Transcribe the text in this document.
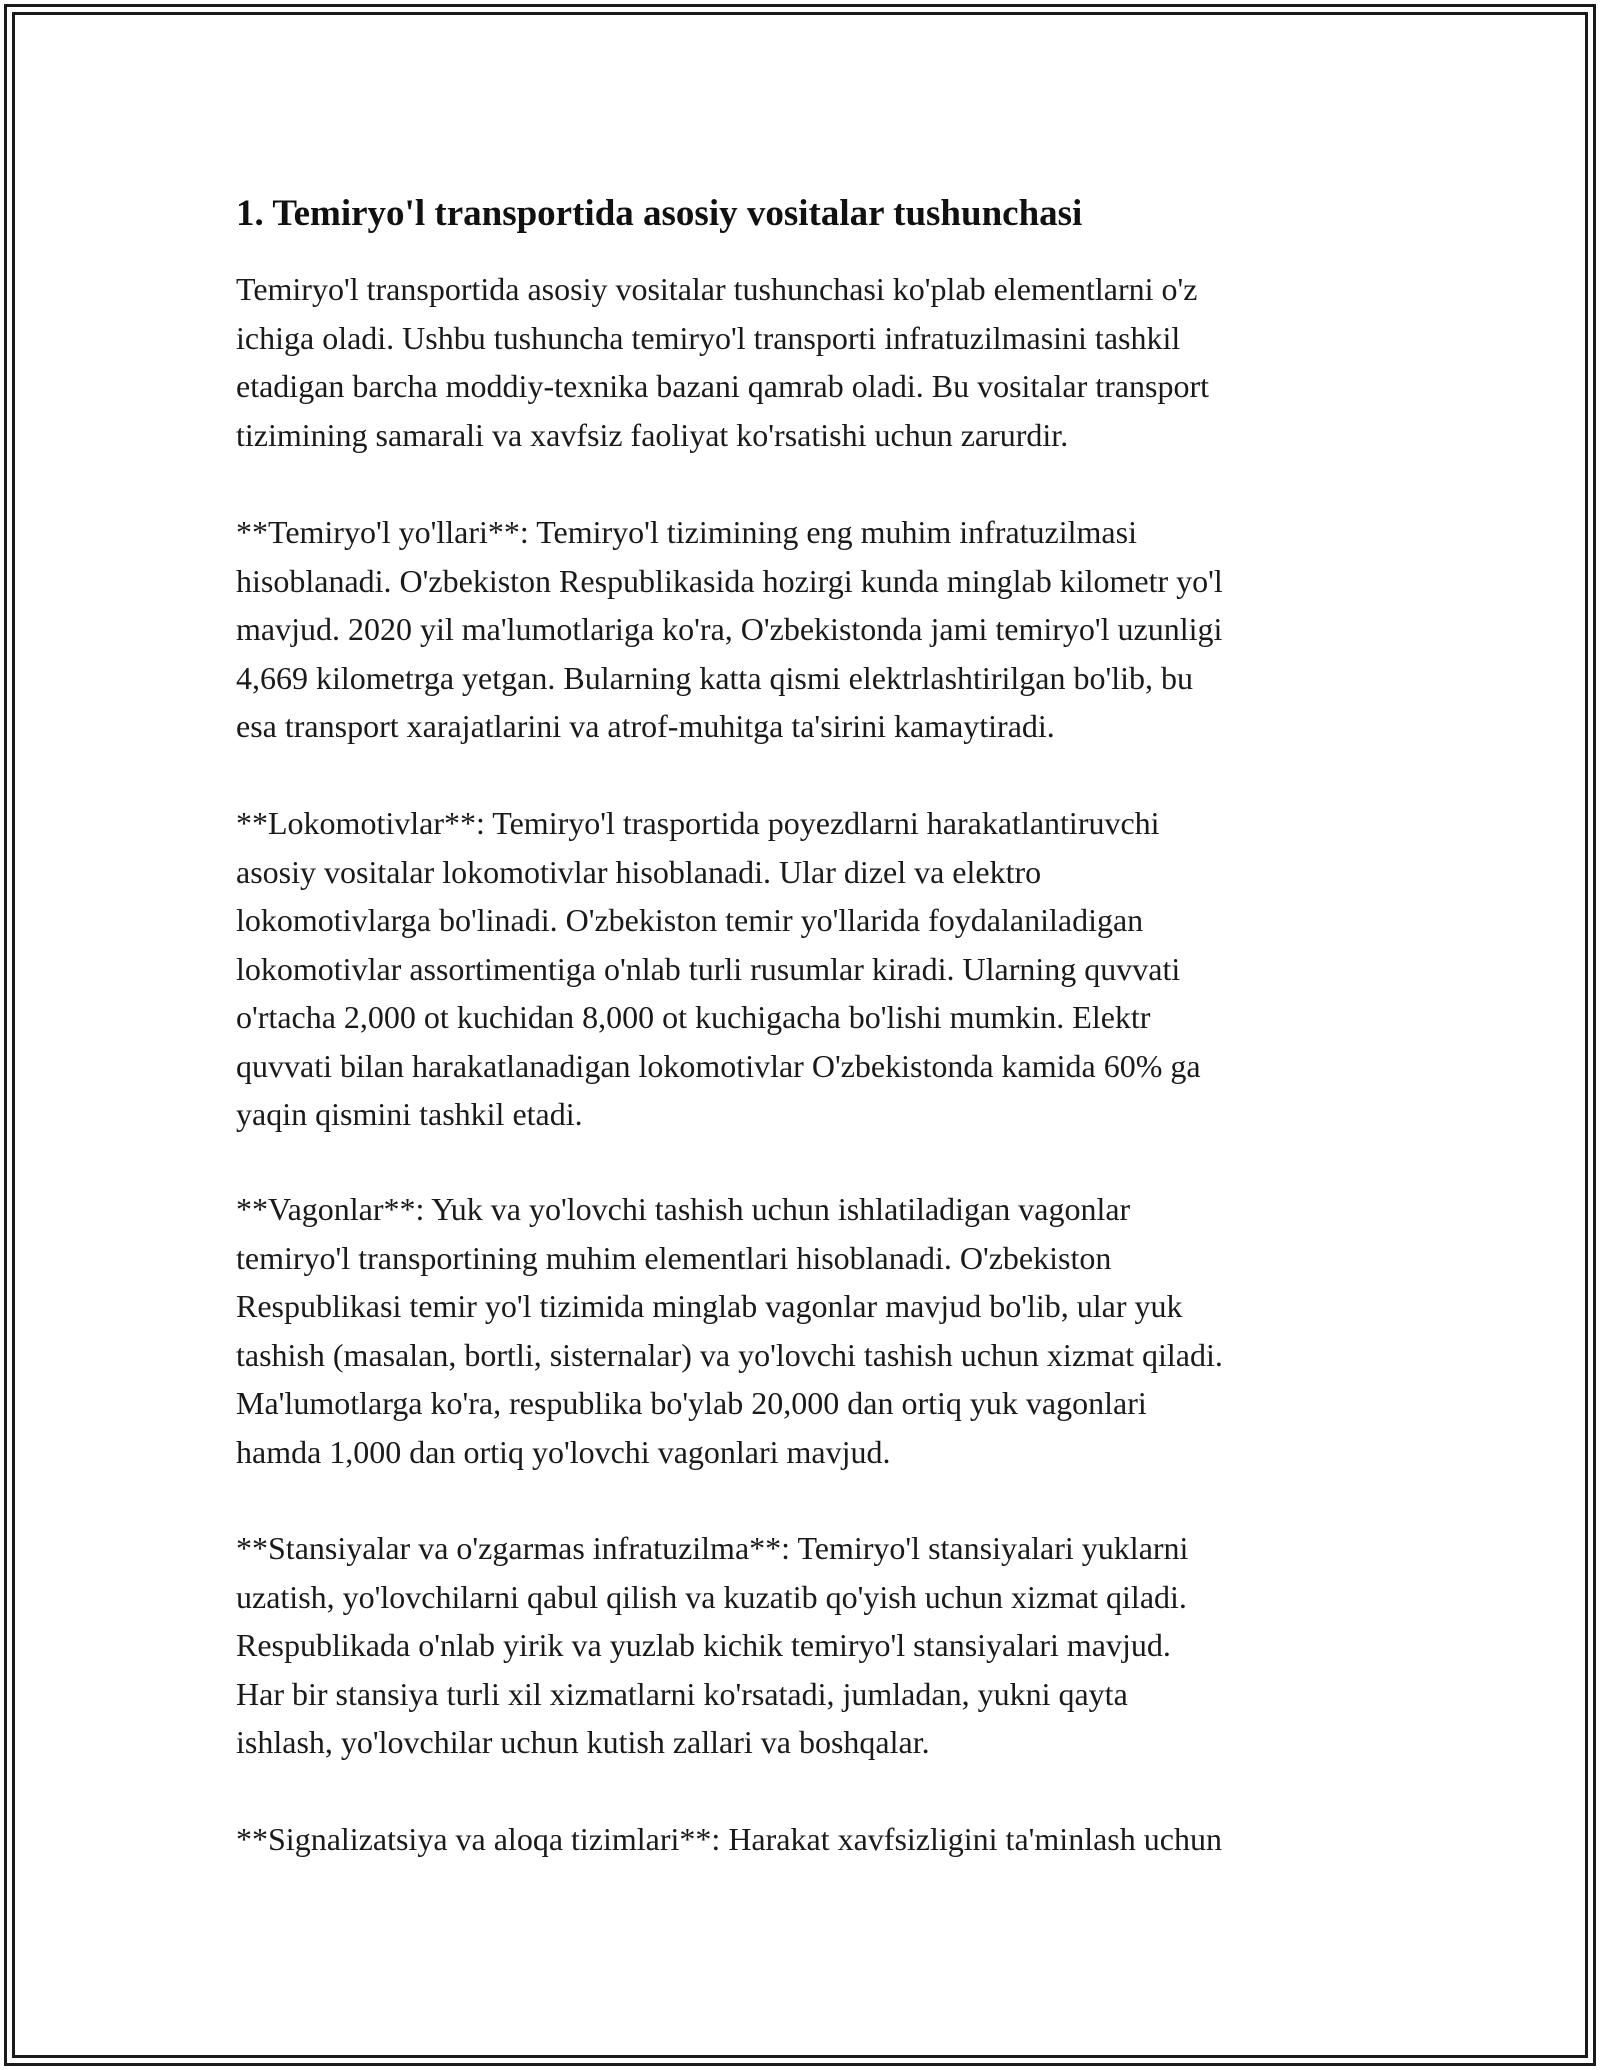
1. Temiryo'l transportida asosiy vositalar tushunchasi
Temiryo'l transportida asosiy vositalar tushunchasi ko'plab elementlarni o'z
ichiga oladi. Ushbu tushuncha temiryo'l transporti infratuzilmasini tashkil
etadigan barcha moddiy-texnika bazani qamrab oladi. Bu vositalar transport
tizimining samarali va xavfsiz faoliyat ko'rsatishi uchun zarurdir.
**Temiryo'l yo'llari**: Temiryo'l tizimining eng muhim infratuzilmasi
hisoblanadi. O'zbekiston Respublikasida hozirgi kunda minglab kilometr yo'l
mavjud. 2020 yil ma'lumotlariga ko'ra, O'zbekistonda jami temiryo'l uzunligi
4,669 kilometrga yetgan. Bularning katta qismi elektrlashtirilgan bo'lib, bu
esa transport xarajatlarini va atrof-muhitga ta'sirini kamaytiradi.
**Lokomotivlar**: Temiryo'l trasportida poyezdlarni harakatlantiruvchi
asosiy vositalar lokomotivlar hisoblanadi. Ular dizel va elektro
lokomotivlarga bo'linadi. O'zbekiston temir yo'llarida foydalaniladigan
lokomotivlar assortimentiga o'nlab turli rusumlar kiradi. Ularning quvvati
o'rtacha 2,000 ot kuchidan 8,000 ot kuchigacha bo'lishi mumkin. Elektr
quvvati bilan harakatlanadigan lokomotivlar O'zbekistonda kamida 60% ga
yaqin qismini tashkil etadi.
**Vagonlar**: Yuk va yo'lovchi tashish uchun ishlatiladigan vagonlar
temiryo'l transportining muhim elementlari hisoblanadi. O'zbekiston
Respublikasi temir yo'l tizimida minglab vagonlar mavjud bo'lib, ular yuk
tashish (masalan, bortli, sisternalar) va yo'lovchi tashish uchun xizmat qiladi.
Ma'lumotlarga ko'ra, respublika bo'ylab 20,000 dan ortiq yuk vagonlari
hamda 1,000 dan ortiq yo'lovchi vagonlari mavjud.
**Stansiyalar va o'zgarmas infratuzilma**: Temiryo'l stansiyalari yuklarni
uzatish, yo'lovchilarni qabul qilish va kuzatib qo'yish uchun xizmat qiladi.
Respublikada o'nlab yirik va yuzlab kichik temiryo'l stansiyalari mavjud.
Har bir stansiya turli xil xizmatlarni ko'rsatadi, jumladan, yukni qayta
ishlash, yo'lovchilar uchun kutish zallari va boshqalar.
**Signalizatsiya va aloqa tizimlari**: Harakat xavfsizligini ta'minlash uchun
